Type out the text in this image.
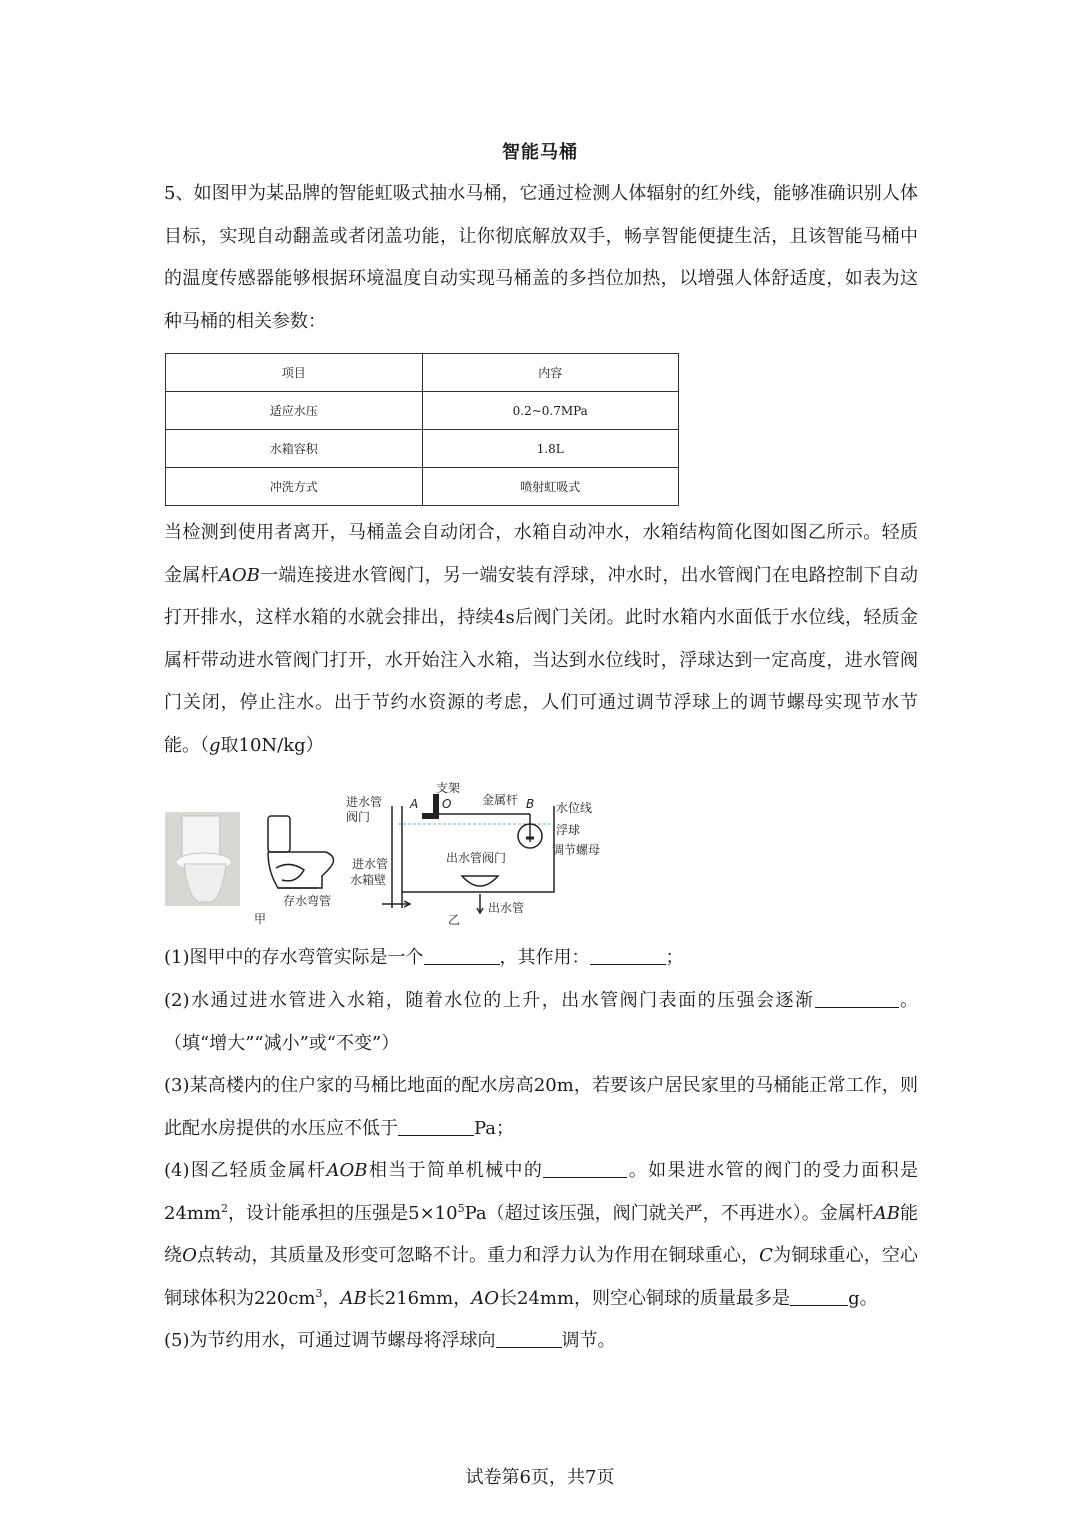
智能马桶
5、如图甲为某品牌的智能虹吸式抽水马桶，它通过检测人体辐射的红外线，能够准确识别人体目标，实现自动翻盖或者闭盖功能，让你彻底解放双手，畅享智能便捷生活，且该智能马桶中的温度传感器能够根据环境温度自动实现马桶盖的多挡位加热，以增强人体舒适度，如表为这种马桶的相关参数：
项目	内容
适应水压	0.2~0.7MPa
水箱容积	1.8L
冲洗方式	喷射虹吸式
当检测到使用者离开，马桶盖会自动闭合，水箱自动冲水，水箱结构简化图如图乙所示。轻质金属杆AOB一端连接进水管阀门，另一端安装有浮球，冲水时，出水管阀门在电路控制下自动打开排水，这样水箱的水就会排出，持续4s后阀门关闭。此时水箱内水面低于水位线，轻质金属杆带动进水管阀门打开，水开始注入水箱，当达到水位线时，浮球达到一定高度，进水管阀门关闭，停止注水。出于节约水资源的考虑，人们可通过调节浮球上的调节螺母实现节水节能。（g取10N/kg）
存水弯管
甲
进水管
阀门
支架
A O	金属杆 B 水位线
浮球
调节螺母
出水管阀门
进水管
水箱壁
出水管
乙
(1)图甲中的存水弯管实际是一个	，其作用：	；
(2)水通过进水管进入水箱，随着水位的上升，出水管阀门表面的压强会逐渐	。（填“增大”“减小”或“不变”）
(3)某高楼内的住户家的马桶比地面的配水房高20m，若要该户居民家里的马桶能正常工作，则此配水房提供的水压应不低于	Pa；
(4)图乙轻质金属杆AOB相当于简单机械中的	。如果进水管的阀门的受力面积是$24mm^2$，设计能承担的压强是$5\times 10^5Pa$（超过该压强，阀门就关严，不再进水）。金属杆AB能绕O点转动，其质量及形变可忽略不计。重力和浮力认为作用在铜球重心，C为铜球重心，空心铜球体积为$220cm^3$，AB长216mm，AO长24mm，则空心铜球的质量最多是	g。
(5)为节约用水，可通过调节螺母将浮球向	调节。
试卷第6页，共7页
